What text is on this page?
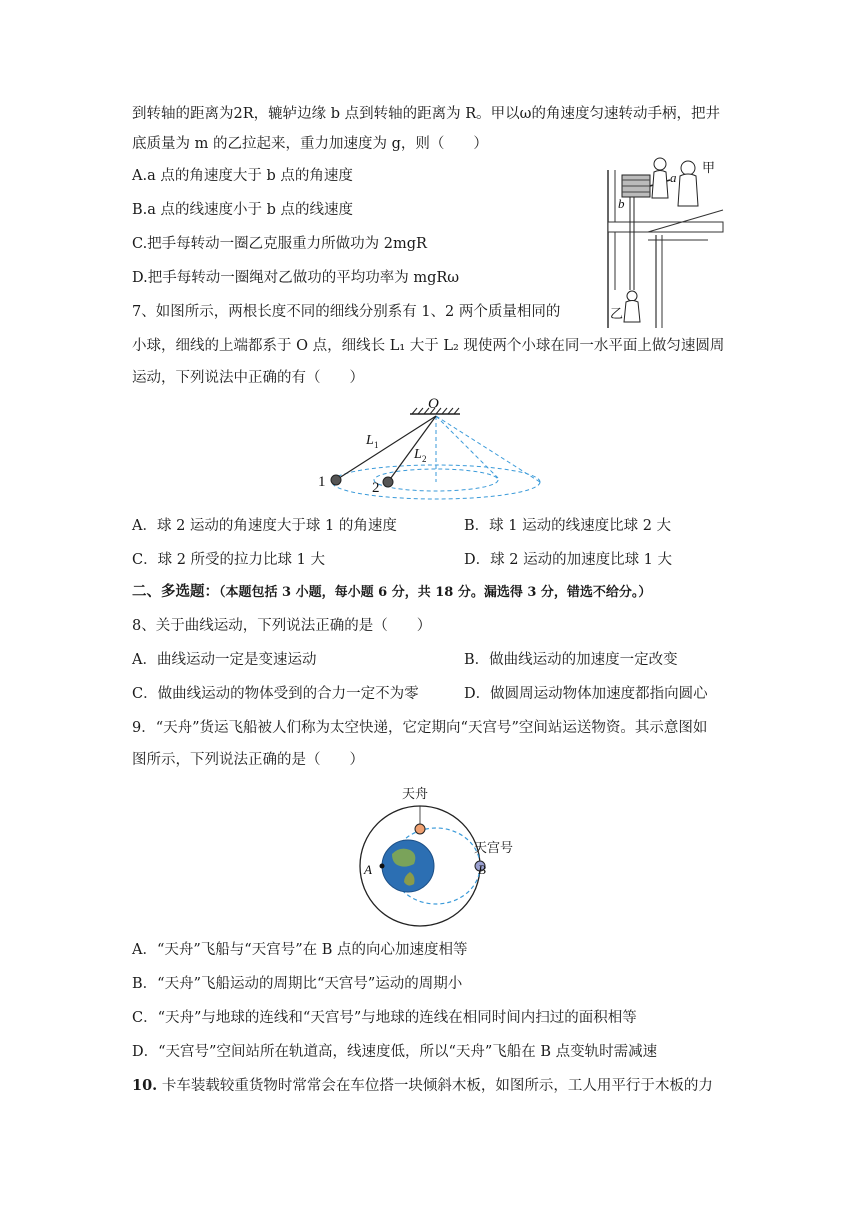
到转轴的距离为2R，辘轳边缘 b 点到转轴的距离为 R。甲以ω的角速度匀速转动手柄，把井
底质量为 m 的乙拉起来，重力加速度为 g，则（　　）
A.a 点的角速度大于 b 点的角速度
B.a 点的线速度小于 b 点的线速度
C.把手每转动一圈乙克服重力所做功为 2mgR
D.把手每转动一圈绳对乙做功的平均功率为 mgRω
a
b
甲
乙
7、如图所示，两根长度不同的细线分别系有 1、2 两个质量相同的
小球，细线的上端都系于 O 点，细线长 L₁ 大于 L₂ 现使两个小球在同一水平面上做匀速圆周
运动，下列说法中正确的有（　　）
O
L 1
L 2
1	2
A．球 2 运动的角速度大于球 1 的角速度	B．球 1 运动的线速度比球 2 大
C．球 2 所受的拉力比球 1 大	D．球 2 运动的加速度比球 1 大
二、多选题：（本题包括 3 小题，每小题 6 分，共 18 分。漏选得 3 分，错选不给分。）
8、关于曲线运动，下列说法正确的是（　　）
A．曲线运动一定是变速运动	B．做曲线运动的加速度一定改变
C．做曲线运动的物体受到的合力一定不为零	D．做圆周运动物体加速度都指向圆心
9．“天舟”货运飞船被人们称为太空快递，它定期向“天宫号”空间站运送物资。其示意图如
图所示，下列说法正确的是（　　）
天舟
天宫号
A	B
A．“天舟”飞船与“天宫号”在 B 点的向心加速度相等
B．“天舟”飞船运动的周期比“天宫号”运动的周期小
C．“天舟”与地球的连线和“天宫号”与地球的连线在相同时间内扫过的面积相等
D．“天宫号”空间站所在轨道高，线速度低，所以“天舟”飞船在 B 点变轨时需减速
10. 卡车装载较重货物时常常会在车位搭一块倾斜木板，如图所示，工人用平行于木板的力
